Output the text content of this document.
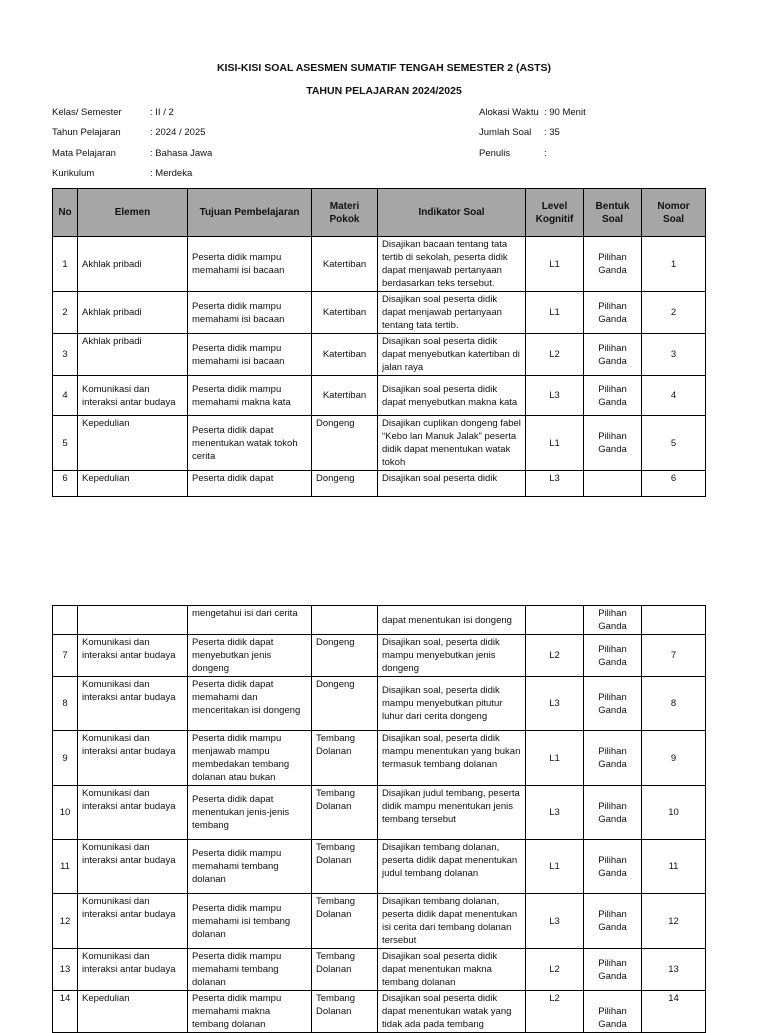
KISI-KISI SOAL ASESMEN SUMATIF TENGAH SEMESTER 2 (ASTS)
TAHUN PELAJARAN 2024/2025
Kelas/ Semester	: II / 2
Tahun Pelajaran	: 2024 / 2025
Mata Pelajaran	: Bahasa Jawa
Kurikulum	: Merdeka
Alokasi Waktu : 90 Menit
Jumlah Soal : 35
Penulis	:
No	Elemen	Tujuan Pembelajaran	Materi Pokok	Indikator Soal	Level Kognitif	Bentuk Soal	Nomor Soal
1	Akhlak pribadi	Peserta didik mampu memahami isi bacaan	Katertiban	Disajikan bacaan tentang tata tertib di sekolah, peserta didik dapat menjawab pertanyaan berdasarkan teks tersebut.	L1	Pilihan Ganda	1
2	Akhlak pribadi	Peserta didik mampu memahami isi bacaan	Katertiban	Disajikan soal peserta didik dapat menjawab pertanyaan tentang tata tertib.	L1	Pilihan Ganda	2
3	Akhlak pribadi	Peserta didik mampu memahami isi bacaan	Katertiban	Disajikan soal peserta didik dapat menyebutkan katertiban di jalan raya	L2	Pilihan Ganda	3
4	Komunikasi dan interaksi antar budaya	Peserta didik mampu memahami makna kata	Katertiban	Disajikan soal peserta didik dapat menyebutkan makna kata	L3	Pilihan Ganda	4
5	Kepedulian	Peserta didik dapat menentukan watak tokoh cerita	Dongeng	Disajikan cuplikan dongeng fabel “Kebo lan Manuk Jalak” peserta didik dapat menentukan watak tokoh	L1	Pilihan Ganda	5
6	Kepedulian	Peserta didik dapat	Dongeng	Disajikan soal peserta didik	L3		6
		mengetahui isi dari cerita		dapat menentukan isi dongeng		Pilihan Ganda	
7	Komunikasi dan interaksi antar budaya	Peserta didik dapat menyebutkan jenis dongeng	Dongeng	Disajikan soal, peserta didik mampu menyebutkan jenis dongeng	L2	Pilihan Ganda	7
8	Komunikasi dan interaksi antar budaya	Peserta didik dapat memahami dan menceritakan isi dongeng	Dongeng	Disajikan soal, peserta didik mampu menyebutkan pitutur luhur dari cerita dongeng	L3	Pilihan Ganda	8
9	Komunikasi dan interaksi antar budaya	Peserta didik mampu menjawab mampu membedakan tembang dolanan atau bukan	Tembang Dolanan	Disajikan soal, peserta didik mampu menentukan yang bukan termasuk tembang dolanan	L1	Pilihan Ganda	9
10	Komunikasi dan interaksi antar budaya	Peserta didik dapat menentukan jenis-jenis tembang	Tembang Dolanan	Disajikan judul tembang, peserta didik mampu menentukan jenis tembang tersebut	L3	Pilihan Ganda	10
11	Komunikasi dan interaksi antar budaya	Peserta didik mampu memahami tembang dolanan	Tembang Dolanan	Disajikan tembang dolanan, peserta didik dapat menentukan judul tembang dolanan	L1	Pilihan Ganda	11
12	Komunikasi dan interaksi antar budaya	Peserta didik mampu memahami isi tembang dolanan	Tembang Dolanan	Disajikan tembang dolanan, peserta didik dapat menentukan isi cerita dari tembang dolanan tersebut	L3	Pilihan Ganda	12
13	Komunikasi dan interaksi antar budaya	Peserta didik mampu memahami tembang dolanan	Tembang Dolanan	Disajikan soal peserta didik dapat menentukan makna tembang dolanan	L2	Pilihan Ganda	13
14	Kepedulian	Peserta didik mampu memahami makna tembang dolanan	Tembang Dolanan	Disajikan soal peserta didik dapat menentukan watak yang tidak ada pada tembang	L2	Pilihan Ganda	14
